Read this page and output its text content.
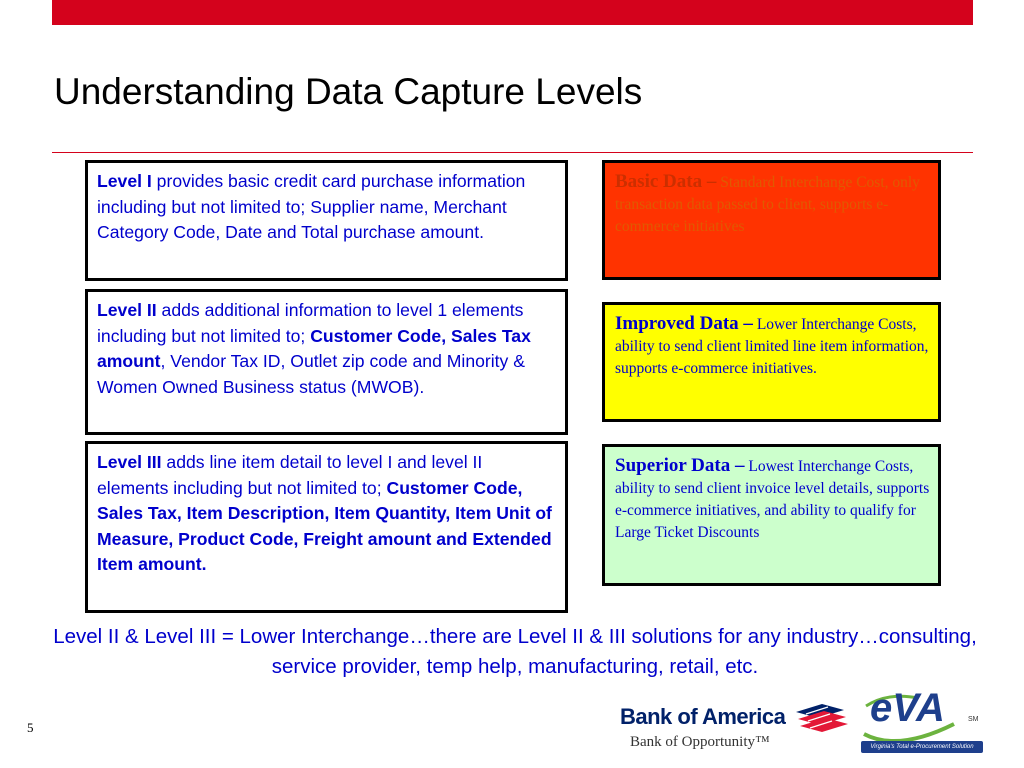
Understanding Data Capture Levels
Level I provides basic credit card purchase information including but not limited to; Supplier name, Merchant Category Code, Date and Total purchase amount.
Level II adds additional information to level 1 elements including but not limited to; Customer Code, Sales Tax amount, Vendor Tax ID, Outlet zip code and Minority & Women Owned Business status (MWOB).
Level III adds line item detail to level I and level II elements including but not limited to; Customer Code, Sales Tax, Item Description, Item Quantity, Item Unit of Measure, Product Code, Freight amount and Extended Item amount.
Basic Data – Standard Interchange Cost, only transaction data passed to client, supports e-commerce initiatives
Improved Data – Lower Interchange Costs, ability to send client limited line item information, supports e-commerce initiatives.
Superior Data – Lowest Interchange Costs, ability to send client invoice level details, supports e-commerce initiatives, and ability to qualify for Large Ticket Discounts
Level II & Level III = Lower Interchange…there are Level II & III solutions for any industry…consulting, service provider, temp help, manufacturing, retail, etc.
5	Bank of America
Bank of Opportunity™
eVA	SM
Virginia's Total e-Procurement Solution
